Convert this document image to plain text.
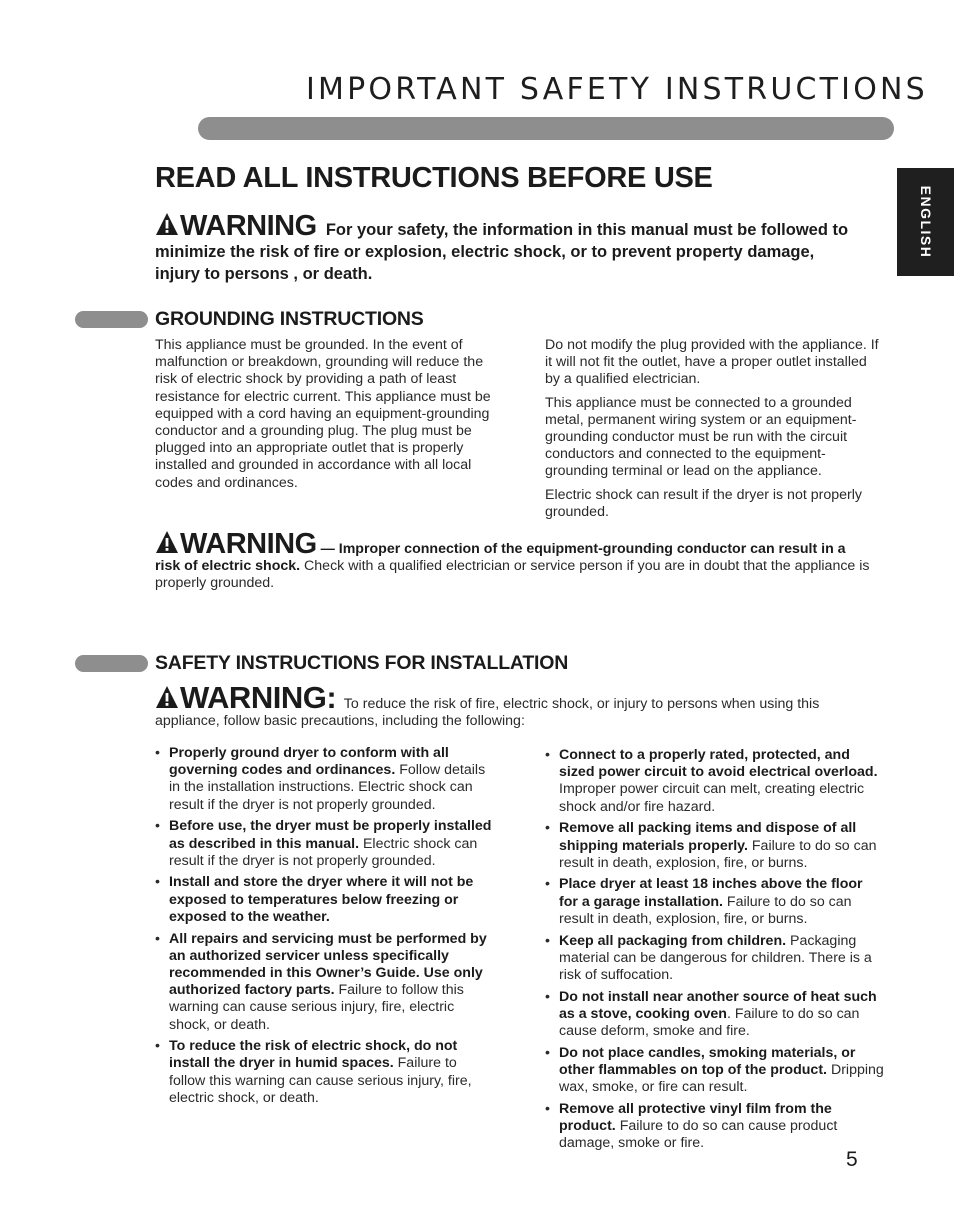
IMPORTANT SAFETY INSTRUCTIONS
ENGLISH
READ ALL INSTRUCTIONS BEFORE USE
WARNING For your safety, the information in this manual must be followed to minimize the risk of fire or explosion, electric shock, or to prevent property damage, injury to persons , or death.
GROUNDING INSTRUCTIONS

This appliance must be grounded. In the event of malfunction or breakdown, grounding will reduce the risk of electric shock by providing a path of least resistance for electric current. This appliance must be equipped with a cord having an equipment-grounding conductor and a grounding plug. The plug must be plugged into an appropriate outlet that is properly installed and grounded in accordance with all local codes and ordinances.

Do not modify the plug provided with the appliance. If it will not fit the outlet, have a proper outlet installed by a qualified electrician.

This appliance must be connected to a grounded metal, permanent wiring system or an equipment-grounding conductor must be run with the circuit conductors and connected to the equipment-grounding terminal or lead on the appliance.

Electric shock can result if the dryer is not properly grounded.

WARNING — Improper connection of the equipment-grounding conductor can result in a risk of electric shock. Check with a qualified electrician or service person if you are in doubt that the appliance is properly grounded.
SAFETY INSTRUCTIONS FOR INSTALLATION
WARNING: To reduce the risk of fire, electric shock, or injury to persons when using this appliance, follow basic precautions, including the following:
• Properly ground dryer to conform with all governing codes and ordinances. Follow details in the installation instructions. Electric shock can result if the dryer is not properly grounded.
• Before use, the dryer must be properly installed as described in this manual. Electric shock can result if the dryer is not properly grounded.
• Install and store the dryer where it will not be exposed to temperatures below freezing or exposed to the weather.
• All repairs and servicing must be performed by an authorized servicer unless specifically recommended in this Owner’s Guide. Use only authorized factory parts. Failure to follow this warning can cause serious injury, fire, electric shock, or death.
• To reduce the risk of electric shock, do not install the dryer in humid spaces. Failure to follow this warning can cause serious injury, fire, electric shock, or death.
• Connect to a properly rated, protected, and sized power circuit to avoid electrical overload. Improper power circuit can melt, creating electric shock and/or fire hazard.
• Remove all packing items and dispose of all shipping materials properly. Failure to do so can result in death, explosion, fire, or burns.
• Place dryer at least 18 inches above the floor for a garage installation. Failure to do so can result in death, explosion, fire, or burns.
• Keep all packaging from children. Packaging material can be dangerous for children. There is a risk of suffocation.
• Do not install near another source of heat such as a stove, cooking oven. Failure to do so can cause deform, smoke and fire.
• Do not place candles, smoking materials, or other flammables on top of the product. Dripping wax, smoke, or fire can result.
• Remove all protective vinyl film from the product. Failure to do so can cause product damage, smoke or fire.
5
